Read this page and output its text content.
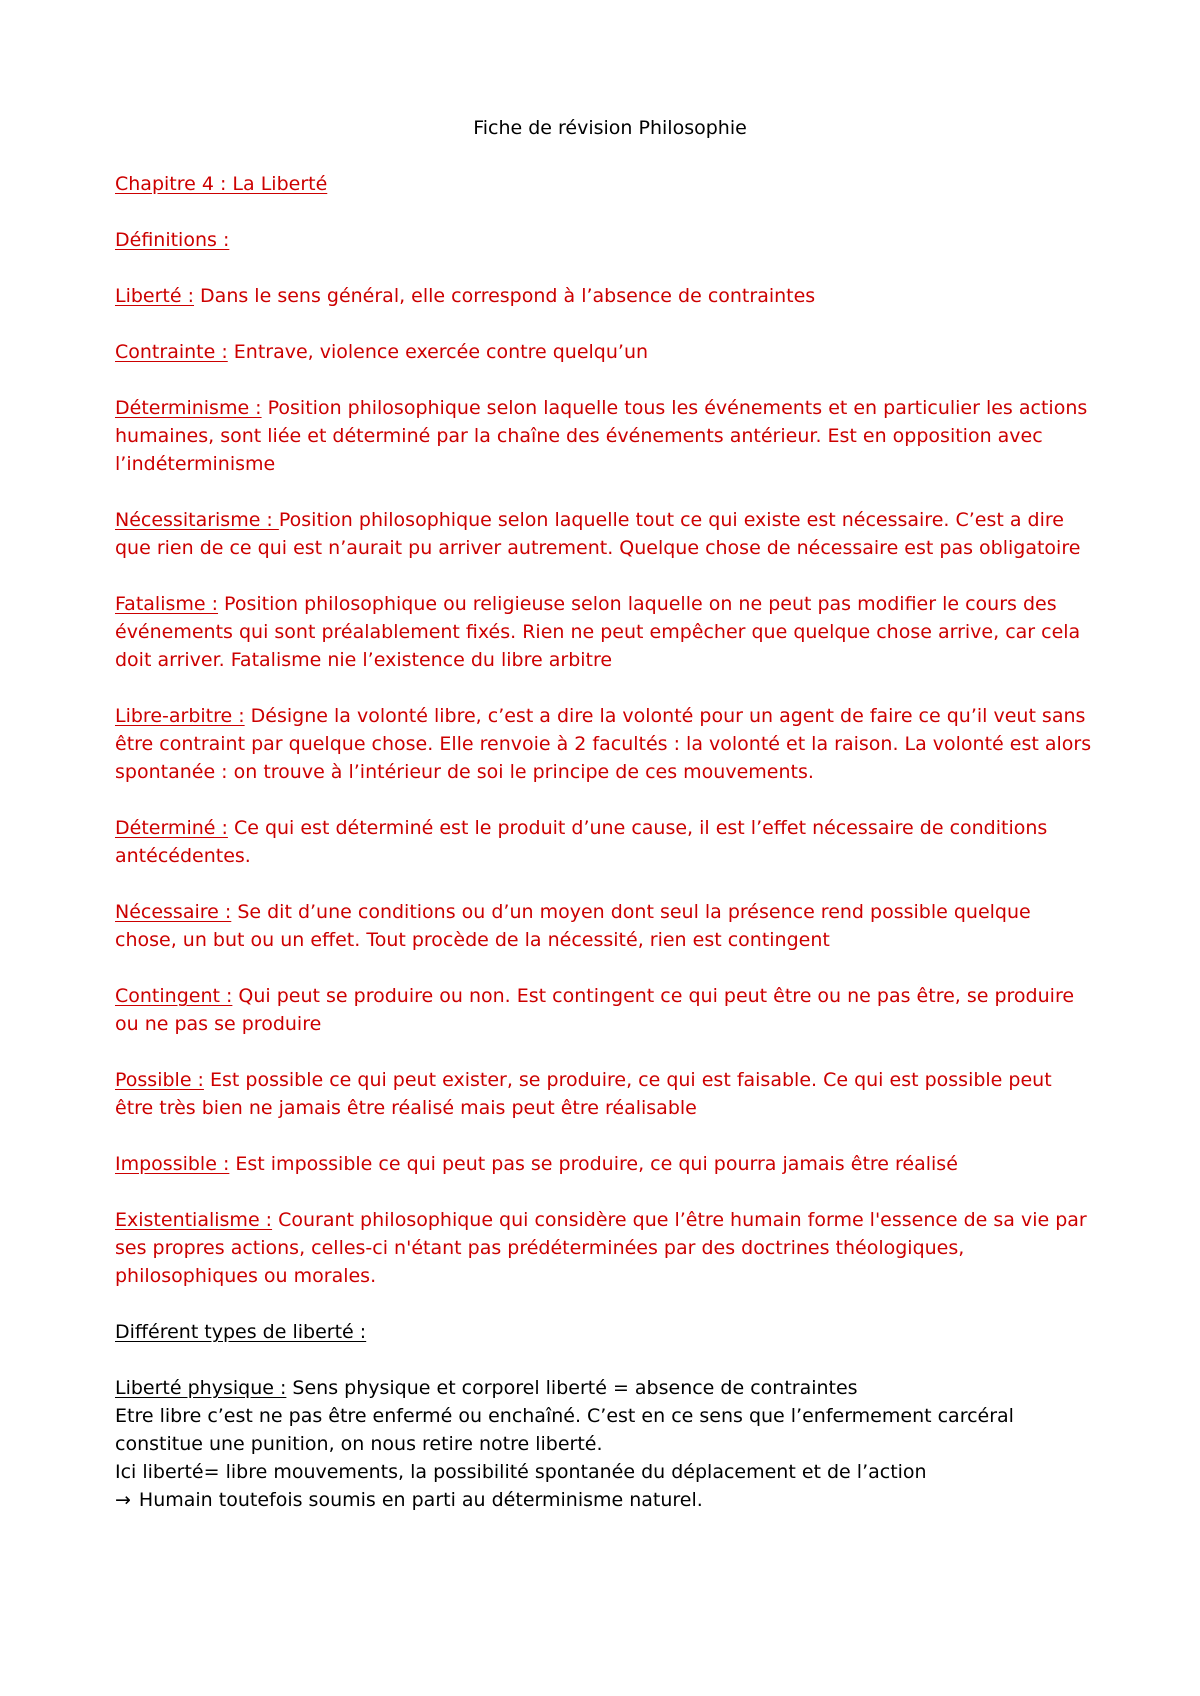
Fiche de révision Philosophie

Chapitre 4 : La Liberté

Définitions :

Liberté : Dans le sens général, elle correspond à l’absence de contraintes

Contrainte : Entrave, violence exercée contre quelqu’un

Déterminisme : Position philosophique selon laquelle tous les événements et en particulier les actions humaines, sont liée et déterminé par la chaîne des événements antérieur. Est en opposition avec l’indéterminisme

Nécessitarisme : Position philosophique selon laquelle tout ce qui existe est nécessaire. C’est a dire que rien de ce qui est n’aurait pu arriver autrement. Quelque chose de nécessaire est pas obligatoire

Fatalisme : Position philosophique ou religieuse selon laquelle on ne peut pas modifier le cours des événements qui sont préalablement fixés. Rien ne peut empêcher que quelque chose arrive, car cela doit arriver. Fatalisme nie l’existence du libre arbitre

Libre-arbitre : Désigne la volonté libre, c’est a dire la volonté pour un agent de faire ce qu’il veut sans être contraint par quelque chose. Elle renvoie à 2 facultés : la volonté et la raison. La volonté est alors spontanée : on trouve à l’intérieur de soi le principe de ces mouvements.

Déterminé : Ce qui est déterminé est le produit d’une cause, il est l’effet nécessaire de conditions antécédentes.

Nécessaire : Se dit d’une conditions ou d’un moyen dont seul la présence rend possible quelque chose, un but ou un effet. Tout procède de la nécessité, rien est contingent

Contingent : Qui peut se produire ou non. Est contingent ce qui peut être ou ne pas être, se produire ou ne pas se produire

Possible : Est possible ce qui peut exister, se produire, ce qui est faisable. Ce qui est possible peut être très bien ne jamais être réalisé mais peut être réalisable

Impossible : Est impossible ce qui peut pas se produire, ce qui pourra jamais être réalisé

Existentialisme : Courant philosophique qui considère que l’être humain forme l'essence de sa vie par ses propres actions, celles-ci n'étant pas prédéterminées par des doctrines théologiques, philosophiques ou morales.

Différent types de liberté :

Liberté physique : Sens physique et corporel liberté = absence de contraintes

Etre libre c’est ne pas être enfermé ou enchaîné. C’est en ce sens que l’enfermement carcéral constitue une punition, on nous retire notre liberté.

Ici liberté= libre mouvements, la possibilité spontanée du déplacement et de l’action

→ Humain toutefois soumis en parti au déterminisme naturel.
